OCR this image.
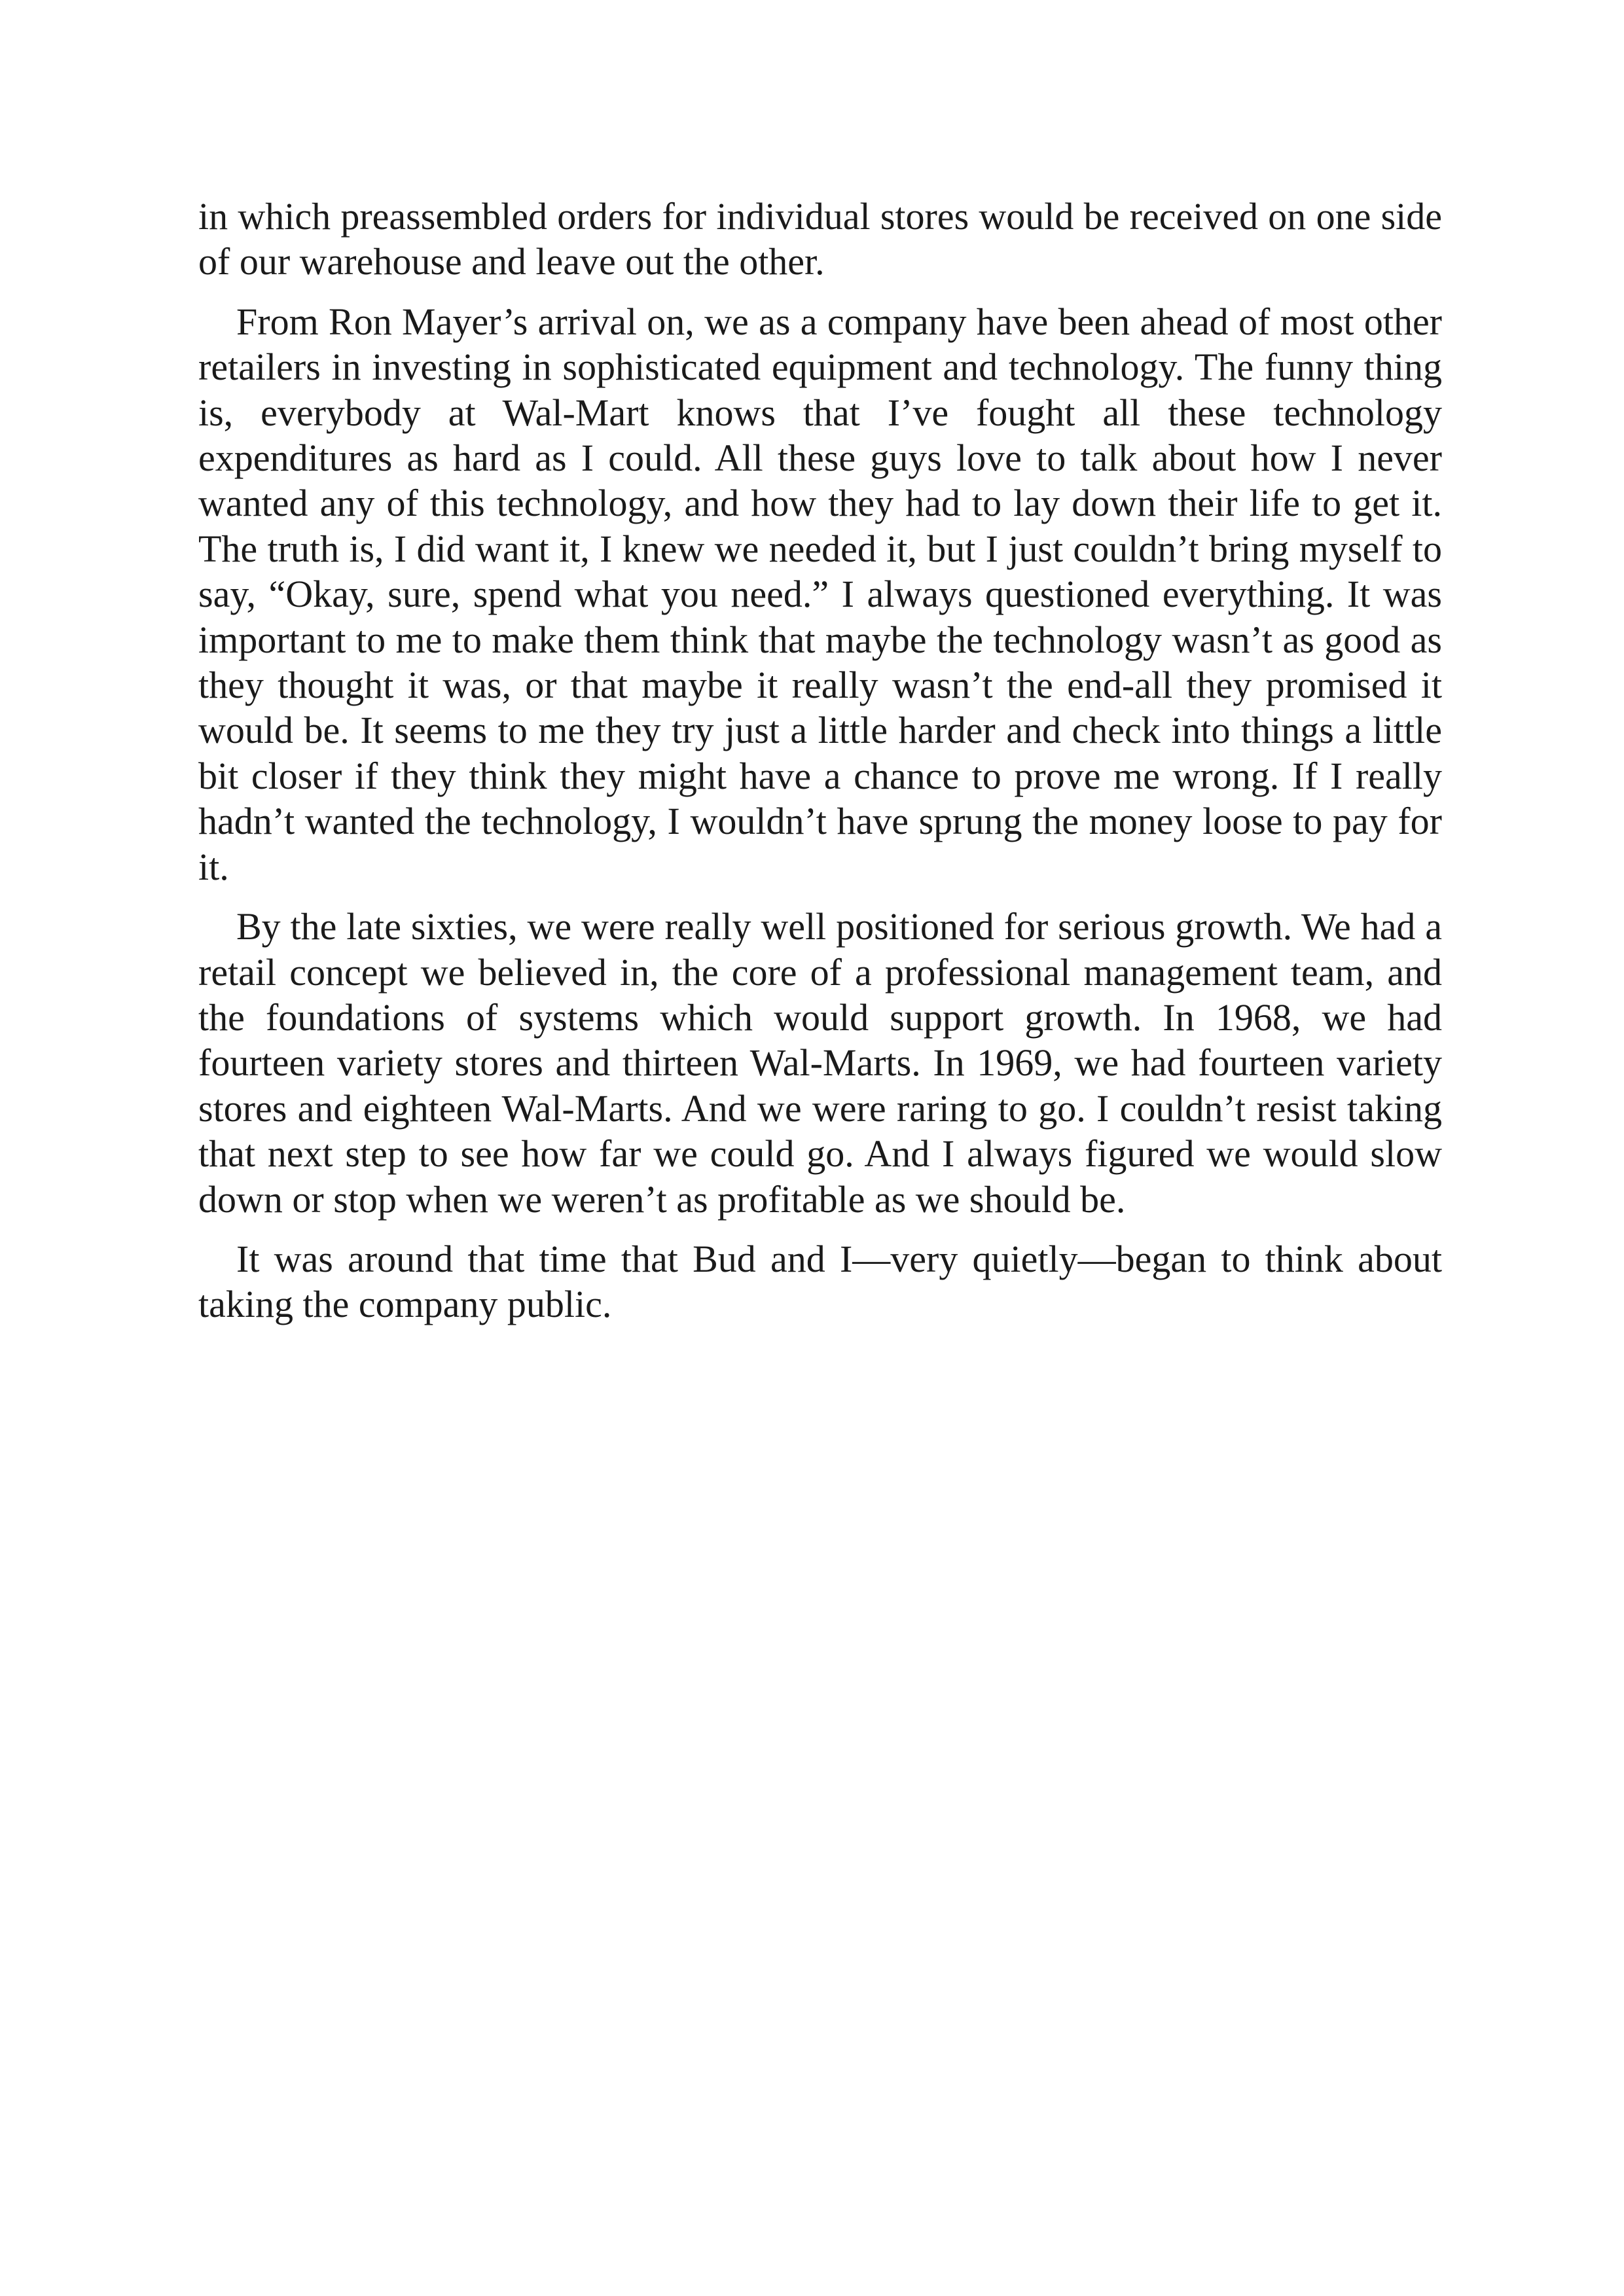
in which preassembled orders for individual stores would be received on one side of our warehouse and leave out the other.

From Ron Mayer’s arrival on, we as a company have been ahead of most other retailers in investing in sophisticated equipment and technology. The funny thing is, everybody at Wal-Mart knows that I’ve fought all these technology expenditures as hard as I could. All these guys love to talk about how I never wanted any of this technology, and how they had to lay down their life to get it. The truth is, I did want it, I knew we needed it, but I just couldn’t bring myself to say, “Okay, sure, spend what you need.” I always questioned everything. It was important to me to make them think that maybe the technology wasn’t as good as they thought it was, or that maybe it really wasn’t the end-all they promised it would be. It seems to me they try just a little harder and check into things a little bit closer if they think they might have a chance to prove me wrong. If I really hadn’t wanted the technology, I wouldn’t have sprung the money loose to pay for it.

By the late sixties, we were really well positioned for serious growth. We had a retail concept we believed in, the core of a professional management team, and the foundations of systems which would support growth. In 1968, we had fourteen variety stores and thirteen Wal-Marts. In 1969, we had fourteen variety stores and eighteen Wal-Marts. And we were raring to go. I couldn’t resist taking that next step to see how far we could go. And I always figured we would slow down or stop when we weren’t as profitable as we should be.

It was around that time that Bud and I—very quietly—began to think about taking the company public.
